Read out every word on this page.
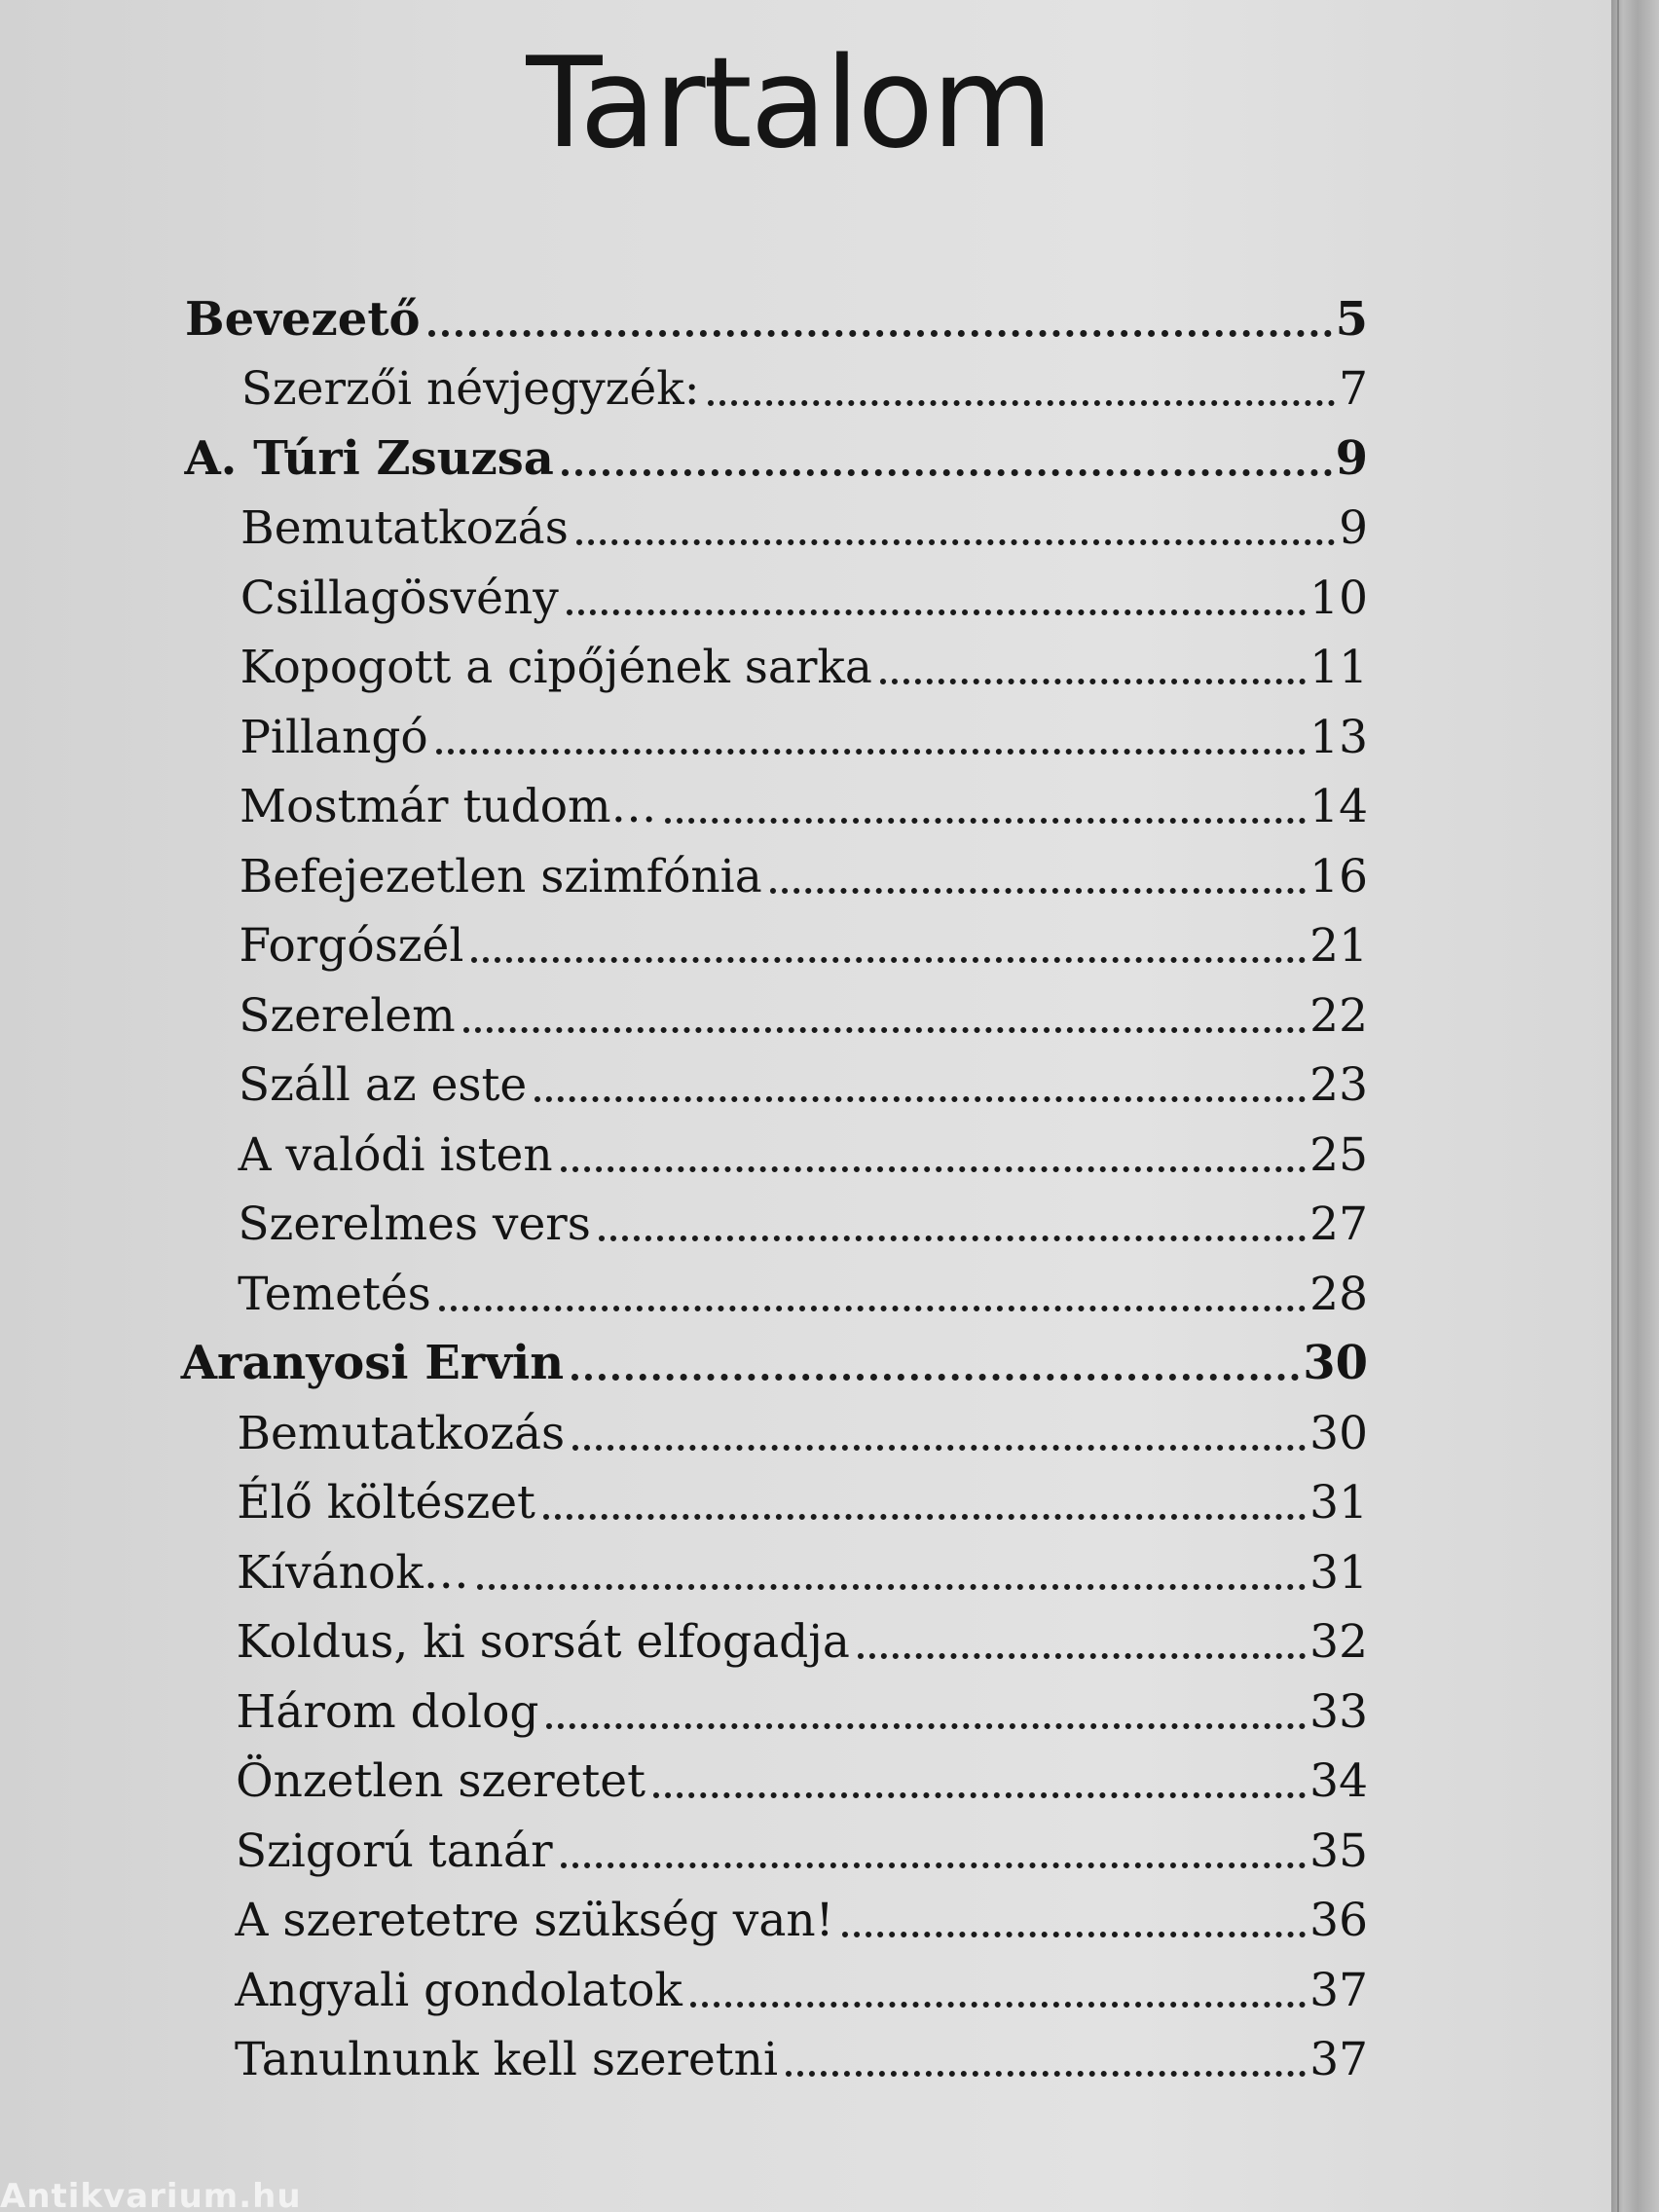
Tartalom
Bevezető	5
Szerzői névjegyzék:	7
A. Túri Zsuzsa	9
Bemutatkozás	9
Csillagösvény	10
Kopogott a cipőjének sarka	11
Pillangó	13
Mostmár tudom…	14
Befejezetlen szimfónia	16
Forgószél	21
Szerelem	22
Száll az este	23
A valódi isten	25
Szerelmes vers	27
Temetés	28
Aranyosi Ervin	30
Bemutatkozás	30
Élő költészet	31
Kívánok…	31
Koldus, ki sorsát elfogadja	32
Három dolog	33
Önzetlen szeretet	34
Szigorú tanár	35
A szeretetre szükség van!	36
Angyali gondolatok	37
Tanulnunk kell szeretni	37
Antikvarium.hu
